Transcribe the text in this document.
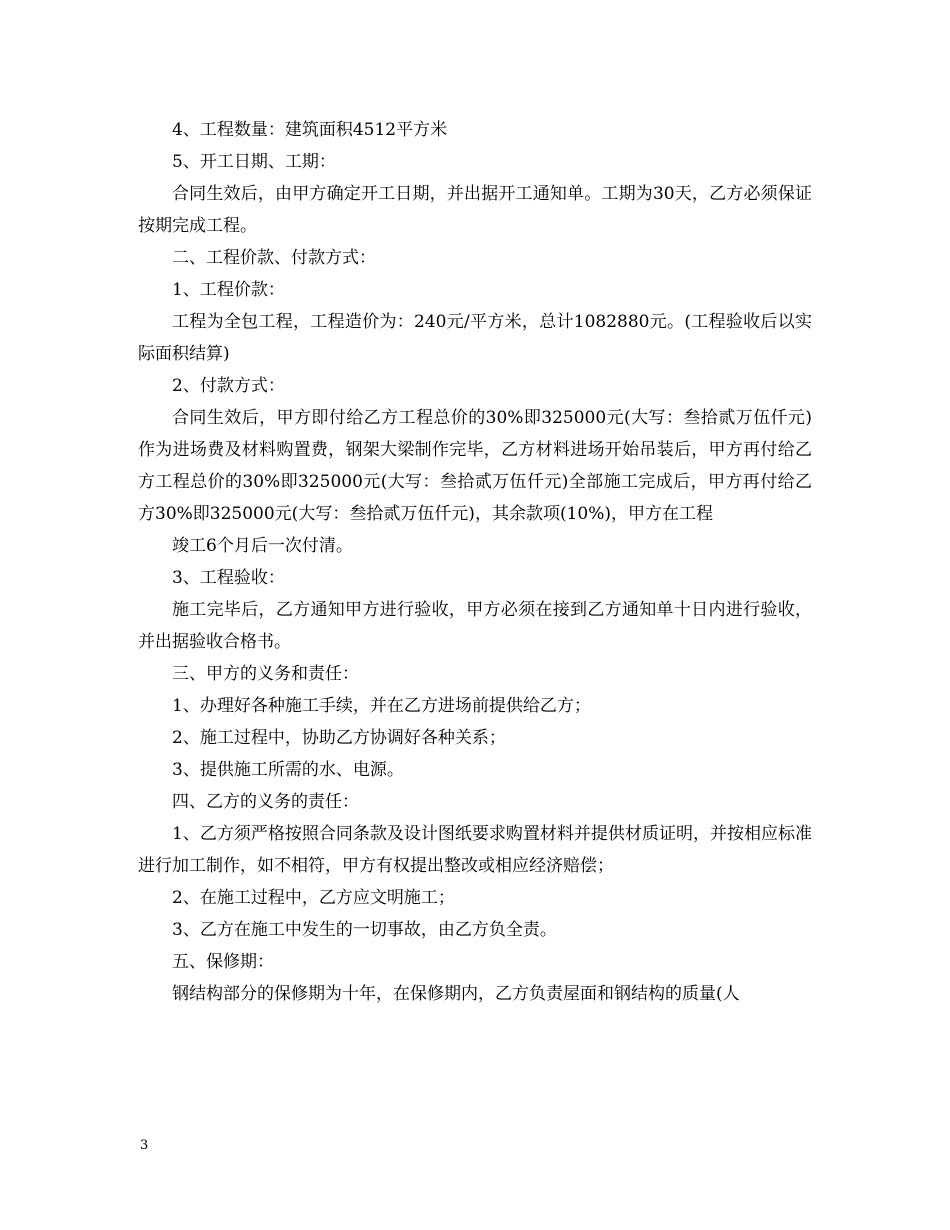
4、工程数量：建筑面积4512平方米

5、开工日期、工期：

合同生效后，由甲方确定开工日期，并出据开工通知单。工期为30天，乙方必须保证按期完成工程。

二、工程价款、付款方式：

1、工程价款：

工程为全包工程，工程造价为：240元/平方米，总计1082880元。(工程验收后以实际面积结算)

2、付款方式：

合同生效后，甲方即付给乙方工程总价的30%即325000元(大写：叁拾贰万伍仟元)作为进场费及材料购置费，钢架大梁制作完毕，乙方材料进场开始吊装后，甲方再付给乙方工程总价的30%即325000元(大写：叁拾贰万伍仟元)全部施工完成后，甲方再付给乙方30%即325000元(大写：叁拾贰万伍仟元)，其余款项(10%)，甲方在工程

竣工6个月后一次付清。

3、工程验收：

施工完毕后，乙方通知甲方进行验收，甲方必须在接到乙方通知单十日内进行验收，并出据验收合格书。

三、甲方的义务和责任：

1、办理好各种施工手续，并在乙方进场前提供给乙方；

2、施工过程中，协助乙方协调好各种关系；

3、提供施工所需的水、电源。

四、乙方的义务的责任：

1、乙方须严格按照合同条款及设计图纸要求购置材料并提供材质证明，并按相应标准进行加工制作，如不相符，甲方有权提出整改或相应经济赔偿；

2、在施工过程中，乙方应文明施工；

3、乙方在施工中发生的一切事故，由乙方负全责。

五、保修期：

钢结构部分的保修期为十年，在保修期内，乙方负责屋面和钢结构的质量(人

3
